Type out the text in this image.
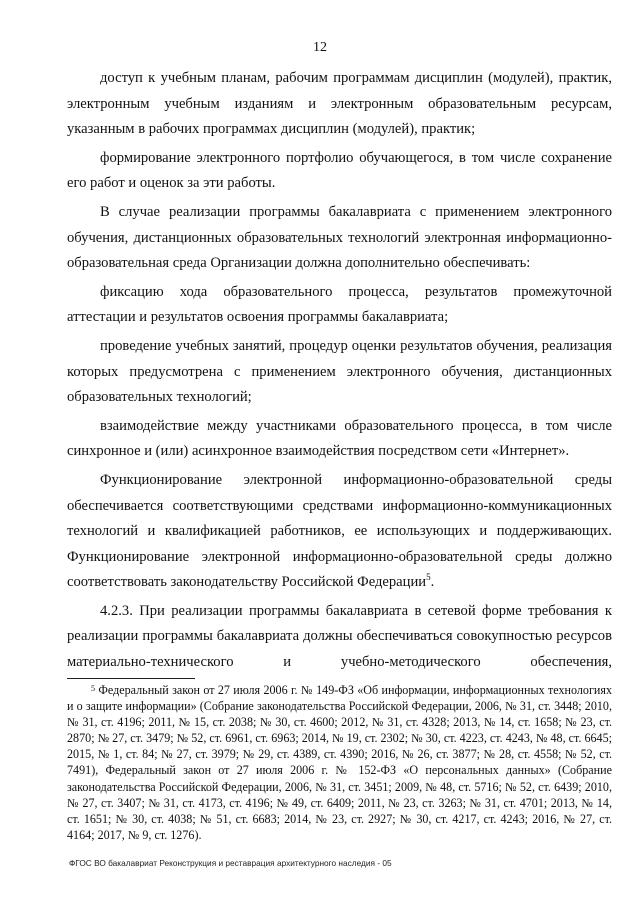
12

доступ к учебным планам, рабочим программам дисциплин (модулей), практик, электронным учебным изданиям и электронным образовательным ресурсам, указанным в рабочих программах дисциплин (модулей), практик;

формирование электронного портфолио обучающегося, в том числе сохранение его работ и оценок за эти работы.

В случае реализации программы бакалавриата с применением электронного обучения, дистанционных образовательных технологий электронная информационно-образовательная среда Организации должна дополнительно обеспечивать:

фиксацию хода образовательного процесса, результатов промежуточной аттестации и результатов освоения программы бакалавриата;

проведение учебных занятий, процедур оценки результатов обучения, реализация которых предусмотрена с применением электронного обучения, дистанционных образовательных технологий;

взаимодействие между участниками образовательного процесса, в том числе синхронное и (или) асинхронное взаимодействия посредством сети «Интернет».

Функционирование электронной информационно-образовательной среды обеспечивается соответствующими средствами информационно-коммуникационных технологий и квалификацией работников, ее использующих и поддерживающих. Функционирование электронной информационно-образовательной среды должно соответствовать законодательству Российской Федерации$^5$.

4.2.3. При реализации программы бакалавриата в сетевой форме требования к реализации программы бакалавриата должны обеспечиваться совокупностью ресурсов материально-технического и учебно-методического обеспечения,

$^5$ Федеральный закон от 27 июля 2006 г. № 149-ФЗ «Об информации, информационных технологиях и о защите информации» (Собрание законодательства Российской Федерации, 2006, № 31, ст. 3448; 2010, № 31, ст. 4196; 2011, № 15, ст. 2038; № 30, ст. 4600; 2012, № 31, ст. 4328; 2013, № 14, ст. 1658; № 23, ст. 2870; № 27, ст. 3479; № 52, ст. 6961, ст. 6963; 2014, № 19, ст. 2302; № 30, ст. 4223, ст. 4243, № 48, ст. 6645; 2015, № 1, ст. 84; № 27, ст. 3979; № 29, ст. 4389, ст. 4390; 2016, № 26, ст. 3877; № 28, ст. 4558; № 52, ст. 7491), Федеральный закон от 27 июля 2006 г. № 152-ФЗ «О персональных данных» (Собрание законодательства Российской Федерации, 2006, № 31, ст. 3451; 2009, № 48, ст. 5716; № 52, ст. 6439; 2010, № 27, ст. 3407; № 31, ст. 4173, ст. 4196; № 49, ст. 6409; 2011, № 23, ст. 3263; № 31, ст. 4701; 2013, № 14, ст. 1651; № 30, ст. 4038; № 51, ст. 6683; 2014, № 23, ст. 2927; № 30, ст. 4217, ст. 4243; 2016, № 27, ст. 4164; 2017, № 9, ст. 1276).

ФГОС ВО бакалавриат Реконструкция и реставрация архитектурного наследия - 05
